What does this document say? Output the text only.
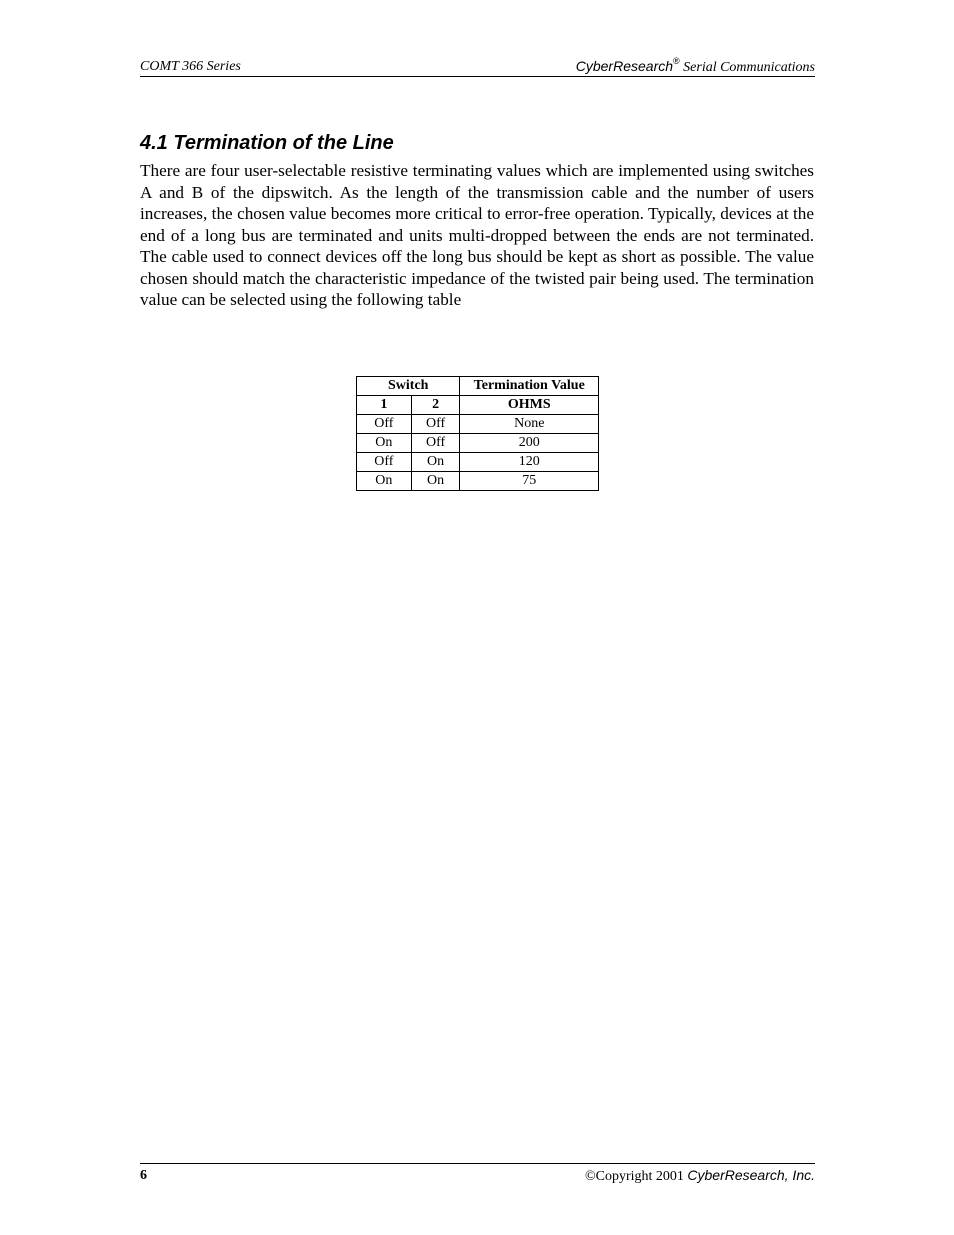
COMT 366 Series	CyberResearch® Serial Communications
4.1 Termination of the Line

There are four user-selectable resistive terminating values which are implemented using switches A and B of the dipswitch. As the length of the transmission cable and the number of users increases, the chosen value becomes more critical to error-free operation. Typically, devices at the end of a long bus are terminated and units multi-dropped between the ends are not terminated. The cable used to connect devices off the long bus should be kept as short as possible. The value chosen should match the characteristic impedance of the twisted pair being used. The termination value can be selected using the following table

Switch		Termination Value
1	2	OHMS
Off	Off	None
On	Off	200
Off	On	120
On	On	75
6	©Copyright 2001 CyberResearch, Inc.
